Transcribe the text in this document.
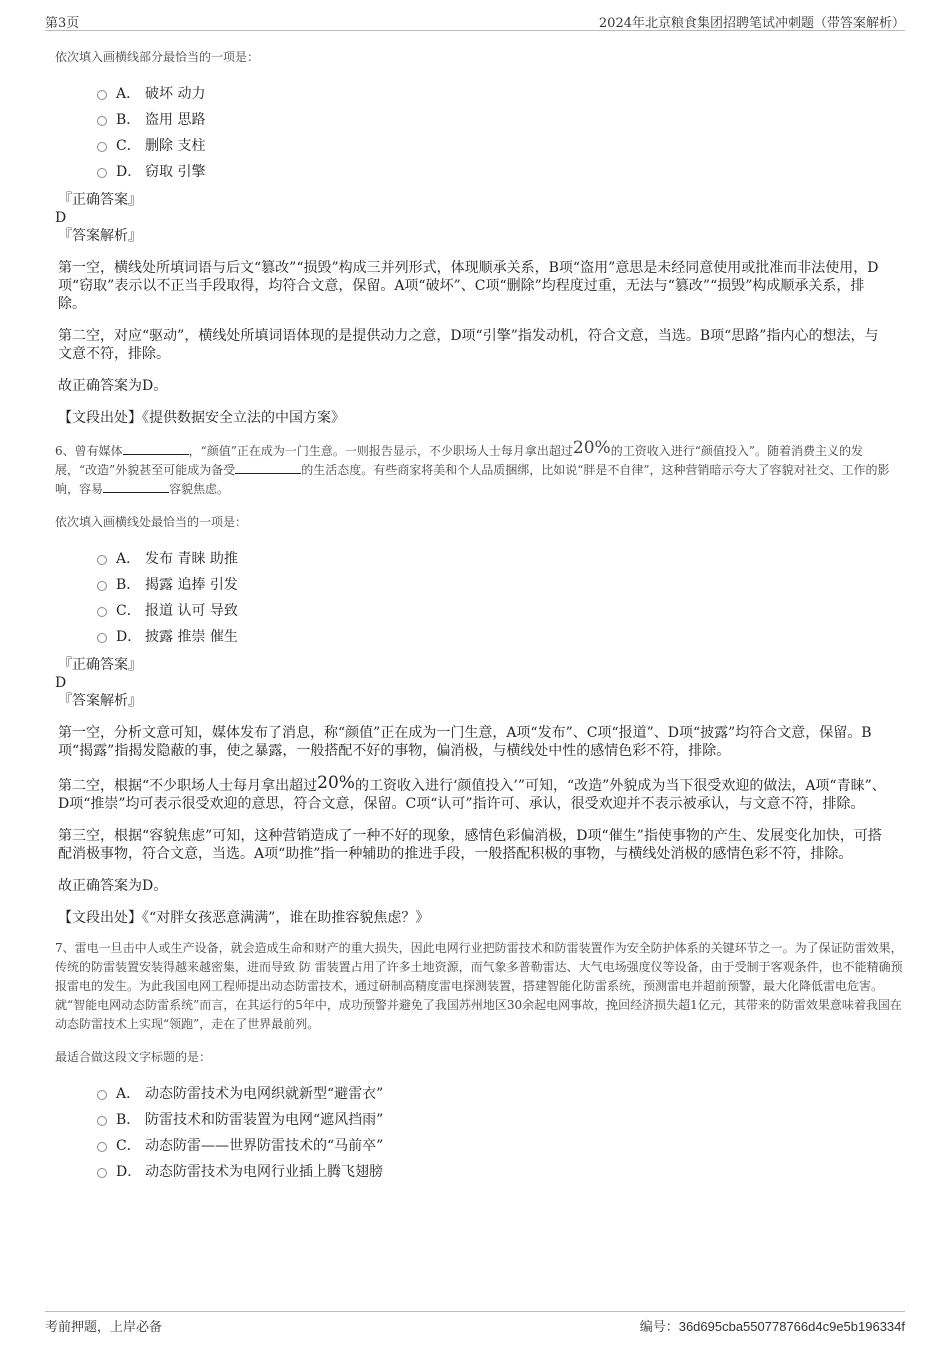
第3页	2024年北京粮食集团招聘笔试冲刺题（带答案解析）
依次填入画横线部分最恰当的一项是：
A． 破坏 动力
B． 盗用 思路
C． 删除 支柱
D． 窃取 引擎
『正确答案』
D
『答案解析』

第一空，横线处所填词语与后文“篡改”“损毁”构成三并列形式，体现顺承关系，B项“盗用”意思是未经同意使用或批准而非法使用，D项“窃取”表示以不正当手段取得，均符合文意，保留。A项“破坏”、C项“删除”均程度过重，无法与“篡改”“损毁”构成顺承关系，排除。

第二空，对应“驱动”，横线处所填词语体现的是提供动力之意，D项“引擎”指发动机，符合文意，当选。B项“思路”指内心的想法，与文意不符，排除。

故正确答案为D。

【文段出处】《提供数据安全立法的中国方案》

6、曾有媒体	，“颜值”正在成为一门生意。一则报告显示，不少职场人士每月拿出超过20%的工资收入进行“颜值投入”。随着消费主义的发展，“改造”外貌甚至可能成为备受	的生活态度。有些商家将美和个人品质捆绑，比如说“胖是不自律”，这种营销暗示夸大了容貌对社交、工作的影响，容易	容貌焦虑。
依次填入画横线处最恰当的一项是：
A． 发布 青睐 助推
B． 揭露 追捧 引发
C． 报道 认可 导致
D． 披露 推崇 催生
『正确答案』
D
『答案解析』

第一空，分析文意可知，媒体发布了消息，称“颜值”正在成为一门生意，A项“发布”、C项“报道”、D项“披露”均符合文意，保留。B项“揭露”指揭发隐蔽的事，使之暴露，一般搭配不好的事物，偏消极，与横线处中性的感情色彩不符，排除。

第二空，根据“不少职场人士每月拿出超过20%的工资收入进行‘颜值投入’”可知，“改造”外貌成为当下很受欢迎的做法，A项“青睐”、D项“推崇”均可表示很受欢迎的意思，符合文意，保留。C项“认可”指许可、承认，很受欢迎并不表示被承认，与文意不符，排除。

第三空，根据“容貌焦虑”可知，这种营销造成了一种不好的现象，感情色彩偏消极，D项“催生”指使事物的产生、发展变化加快，可搭配消极事物，符合文意，当选。A项“助推”指一种辅助的推进手段，一般搭配积极的事物，与横线处消极的感情色彩不符，排除。

故正确答案为D。

【文段出处】《“对胖女孩恶意满满”，谁在助推容貌焦虑？》

7、雷电一旦击中人或生产设备，就会造成生命和财产的重大损失，因此电网行业把防雷技术和防雷装置作为安全防护体系的关键环节之一。为了保证防雷效果，传统的防雷装置安装得越来越密集，进而导致 防 雷装置占用了许多土地资源，而气象多普勒雷达、大气电场强度仪等设备，由于受制于客观条件，也不能精确预报雷电的发生。为此我国电网工程师提出动态防雷技术，通过研制高精度雷电探测装置，搭建智能化防雷系统，预测雷电并超前预警，最大化降低雷电危害。就“智能电网动态防雷系统”而言，在其运行的5年中，成功预警并避免了我国苏州地区30余起电网事故，挽回经济损失超1亿元，其带来的防雷效果意味着我国在动态防雷技术上实现“领跑”，走在了世界最前列。
最适合做这段文字标题的是：
A． 动态防雷技术为电网织就新型“避雷衣”
B． 防雷技术和防雷装置为电网“遮风挡雨”
C． 动态防雷——世界防雷技术的“马前卒”
D． 动态防雷技术为电网行业插上腾飞翅膀
考前押题，上岸必备	编号：36d695cba550778766d4c9e5b196334f
